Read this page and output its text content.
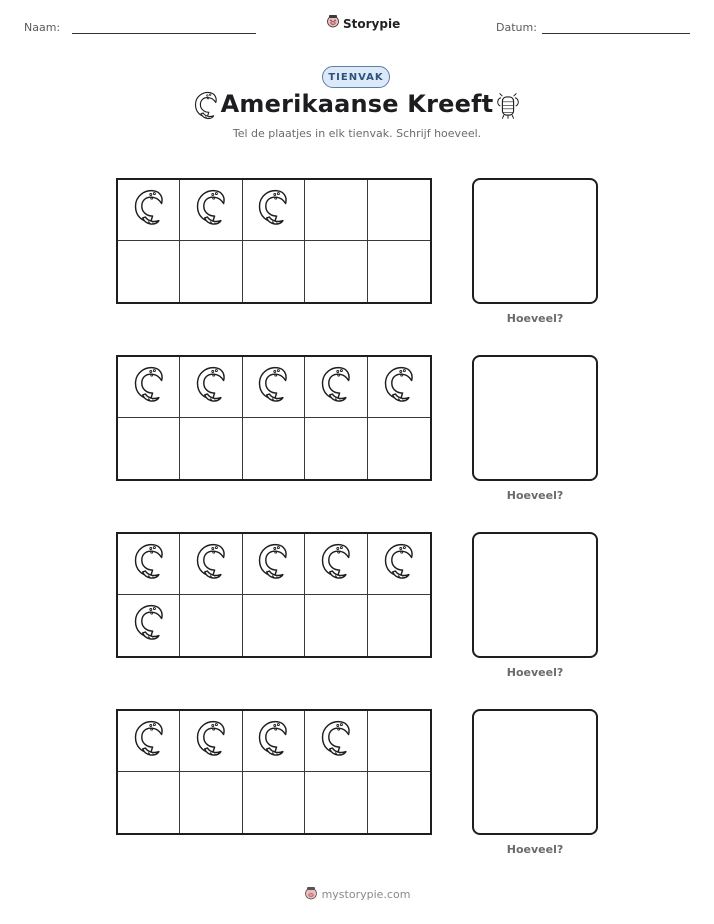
Naam:	Storypie	Datum:
TIENVAK
Amerikaanse Kreeft
Tel de plaatjes in elk tienvak. Schrijf hoeveel.
Hoeveel?
Hoeveel?
Hoeveel?
Hoeveel?
mystorypie.com
